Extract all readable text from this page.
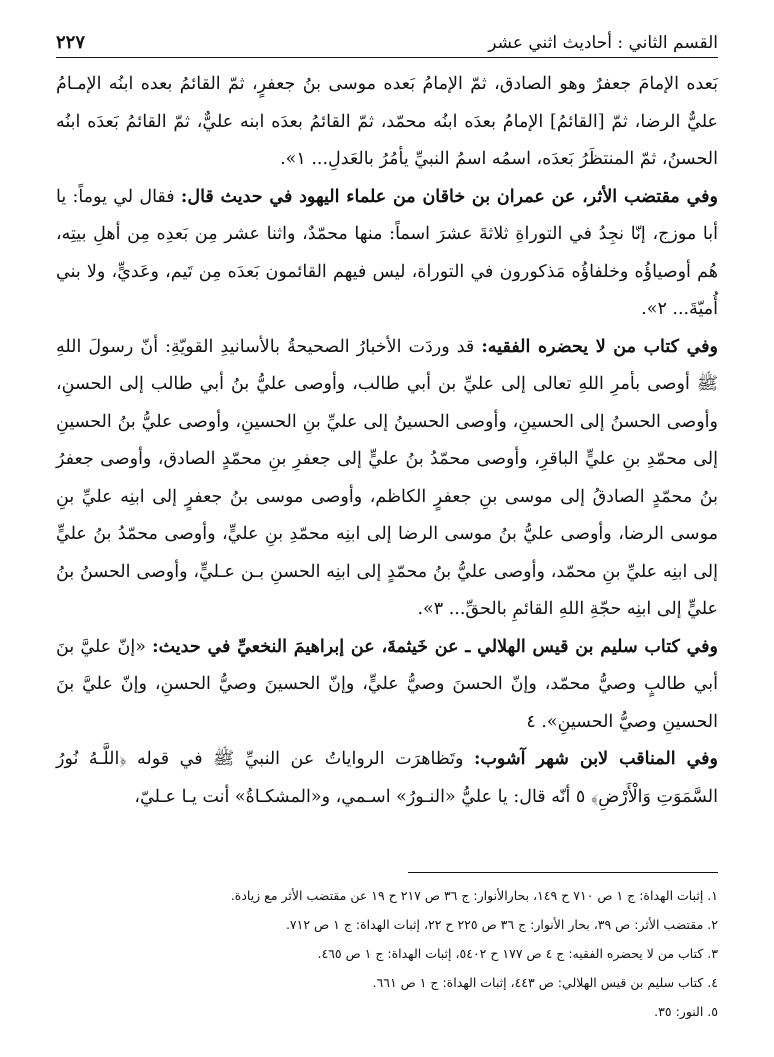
القسم الثاني : أحاديث اثني عشر
٢٢٧

بَعده الإمامَ جعفرٌ وهو الصادق، ثمّ الإمامُ بَعده موسى بنُ جعفرٍ، ثمّ القائمُ بعده ابنُه الإمـامُ عليٌّ الرضا، ثمّ [القائمُ] الإمامُ بعدَه ابنُه محمّد، ثمّ القائمُ بعدَه ابنه عليٌّ، ثمّ القائمُ بَعدَه ابنُه الحسنُ، ثمّ المنتظَرُ بَعدَه، اسمُه اسمُ النبيِّ يأمُرُ بالعَدلِ... ١».

وفي مقتضب الأثر، عن عمران بن خاقان من علماء اليهود في حديث قال: فقال لي يوماً: يا أبا موزج، إنّا نجِدُ في التوراةِ ثلاثةَ عشرَ اسماً: منها محمّدٌ، واثنا عشر مِن بَعدِه مِن أهلِ بيتِه، هُم أوصياؤُه وخلفاؤُه مَذكورون في التوراة، ليس فيهم القائمون بَعدَه مِن تَيم، وعَديٍّ، ولا بني أُميّةَ... ٢».

وفي كتاب من لا يحضره الفقيه: قد وردَت الأخبارُ الصحيحةُ بالأسانيدِ القويّةِ: أنّ رسولَ اللهِ ﷺ أوصى بأمرِ اللهِ تعالى إلى عليِّ بن أبي طالب، وأوصى عليُّ بنُ أبي طالب إلى الحسنِ، وأوصى الحسنُ إلى الحسينِ، وأوصى الحسينُ إلى عليِّ بنِ الحسينِ، وأوصى عليُّ بنُ الحسينِ إلى محمّدِ بنِ عليٍّ الباقرِ، وأوصى محمّدُ بنُ عليٍّ إلى جعفرِ بنِ محمّدٍ الصادق، وأوصى جعفرُ بنُ محمّدٍ الصادقُ إلى موسى بنِ جعفرٍ الكاظم، وأوصى موسى بنُ جعفرٍ إلى ابنِه عليِّ بنِ موسى الرضا، وأوصى عليُّ بنُ موسى الرضا إلى ابنِه محمّدِ بنِ عليٍّ، وأوصى محمّدُ بنُ عليٍّ إلى ابنِه عليِّ بنِ محمّد، وأوصى عليُّ بنُ محمّدٍ إلى ابنِه الحسنِ بـن عـليٍّ، وأوصى الحسنُ بنُ عليٍّ إلى ابنِه حجّةِ اللهِ القائمِ بالحقِّ... ٣».

وفي كتاب سليم بن قيس الهلالي ـ عن خَيثمةَ، عن إبراهيمَ النخعيِّ في حديث: «إنّ عليَّ بنَ أبي طالبٍ وصيُّ محمّد، وإنّ الحسنَ وصيُّ عليٍّ، وإنّ الحسينَ وصيُّ الحسنِ، وإنّ عليَّ بنَ الحسينِ وصيُّ الحسينِ». ٤

وفي المناقب لابن شهر آشوب: وتَظاهرَت الرواياتُ عن النبيِّ ﷺ في قوله ﴿اللَّـهُ نُورُ السَّمَوَتِ وَالْأَرْضِ﴾ ٥ أنّه قال: يا عليُّ «النـورُ» اسـمي، و«المشكـاةُ» أنت يـا عـليّ،

١. إثبات الهداة: ج ١ ص ٧١٠ ح ١٤٩، بحارالأنوار: ج ٣٦ ص ٢١٧ ح ١٩ عن مقتضب الأثر مع زيادة.

٢. مقتضب الأثر: ص ٣٩، بحار الأنوار: ج ٣٦ ص ٢٢٥ ح ٢٢، إثبات الهداة: ج ١ ص ٧١٢.

٣. كتاب من لا يحضره الفقيه: ج ٤ ص ١٧٧ ح ٥٤٠٢، إثبات الهداة: ج ١ ص ٤٦٥.

٤. كتاب سليم بن قيس الهلالي: ص ٤٤٣، إثبات الهداة: ج ١ ص ٦٦١.

٥. النور: ٣٥.
